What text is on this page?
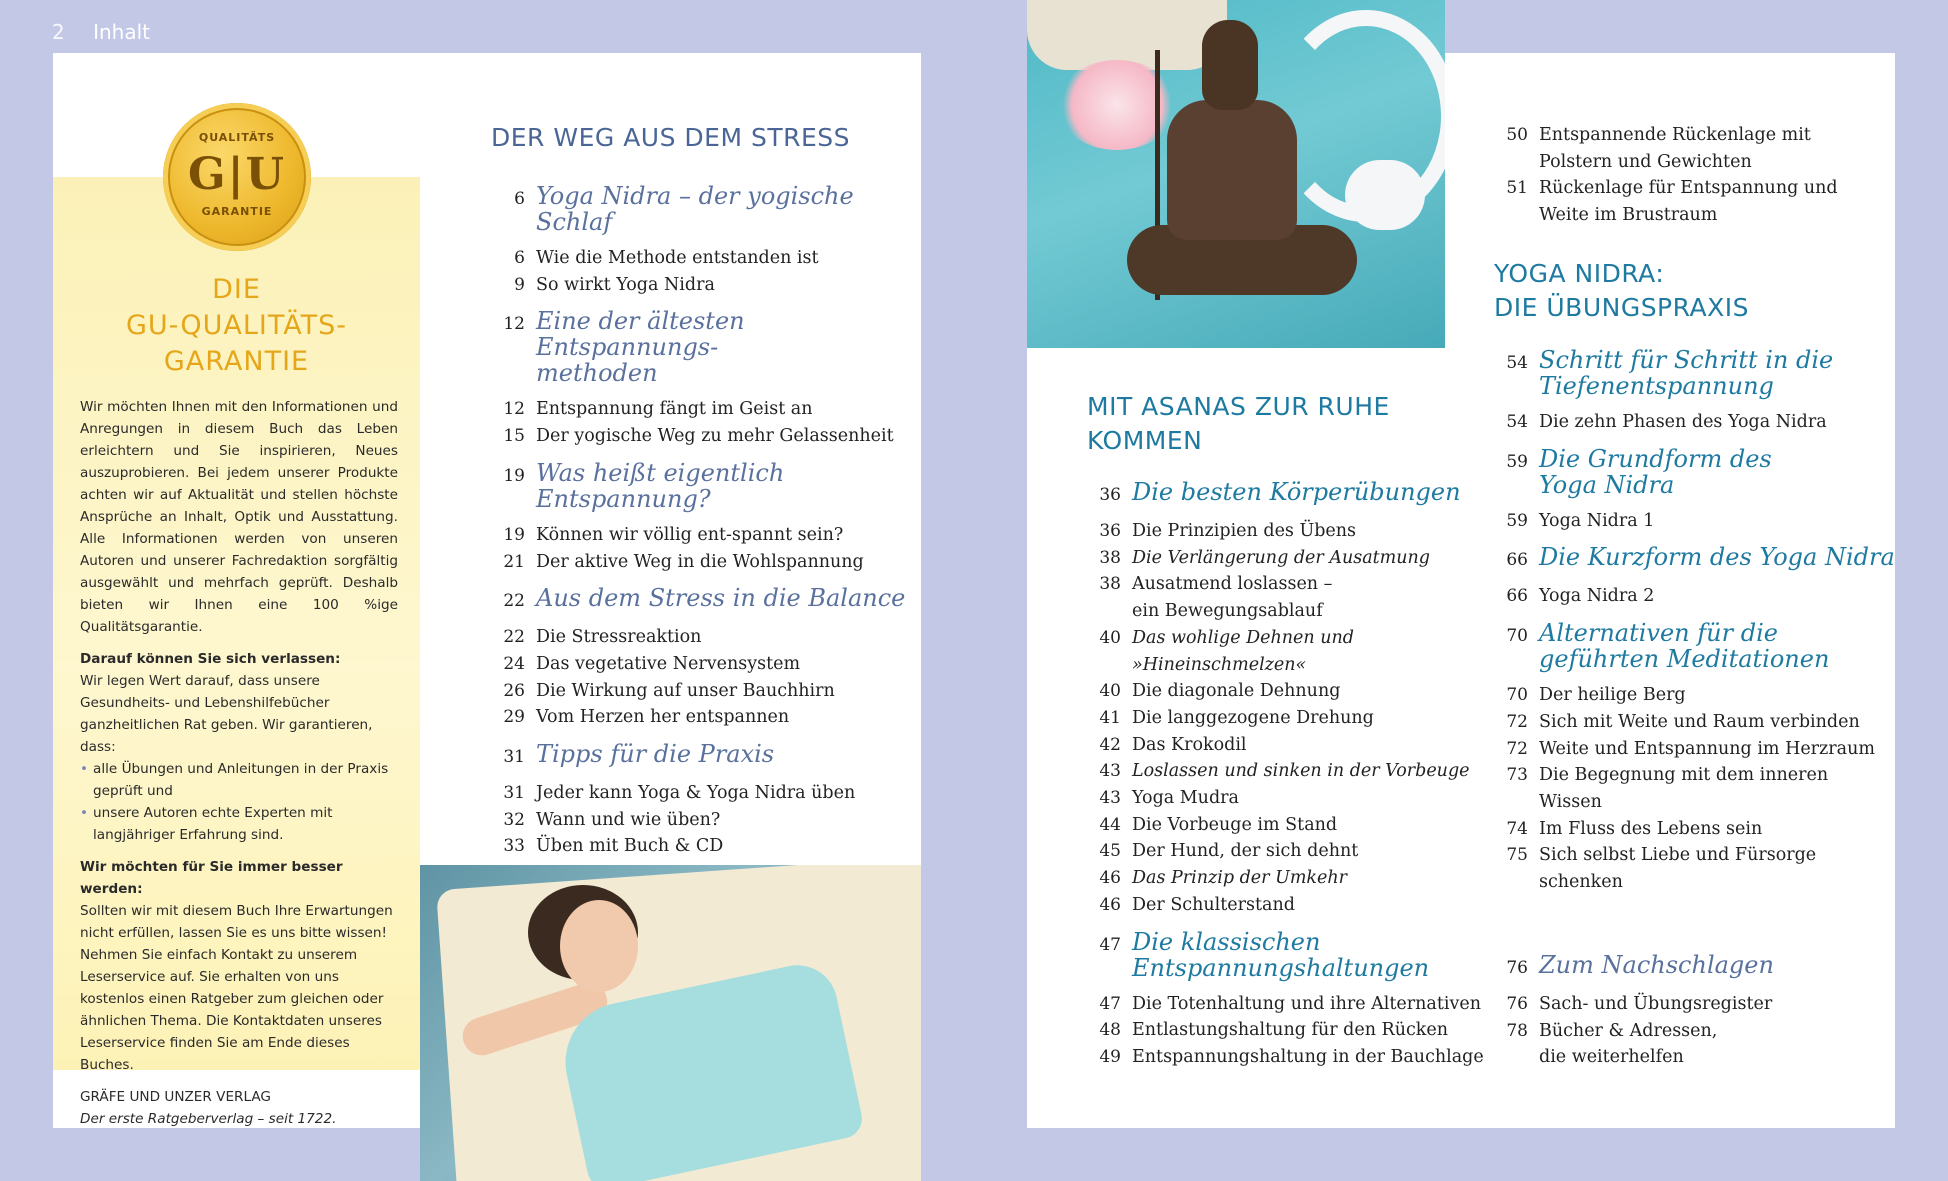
2 Inhalt
QUALITÄTS
G|U
GARANTIE
DIE
GU-QUALITÄTS-
GARANTIE

Wir möchten Ihnen mit den Informationen und Anregungen in diesem Buch das Leben erleichtern und Sie inspirieren, Neues auszuprobieren. Bei jedem unserer Produkte achten wir auf Aktualität und stellen höchste Ansprüche an Inhalt, Optik und Ausstattung. Alle Informationen werden von unseren Autoren und unserer Fachredaktion sorgfältig ausgewählt und mehrfach geprüft. Deshalb bieten wir Ihnen eine 100 %ige Qualitätsgarantie.

Darauf können Sie sich verlassen:
Wir legen Wert darauf, dass unsere Gesundheits- und Lebenshilfebücher ganzheitlichen Rat geben. Wir garantieren, dass:
• alle Übungen und Anleitungen in der Praxis geprüft und
• unsere Autoren echte Experten mit langjähriger Erfahrung sind.
Wir möchten für Sie immer besser werden:

Sollten wir mit diesem Buch Ihre Erwartungen nicht erfüllen, lassen Sie es uns bitte wissen! Nehmen Sie einfach Kontakt zu unserem Leserservice auf. Sie erhalten von uns kostenlos einen Ratgeber zum gleichen oder ähnlichen Thema. Die Kontaktdaten unseres Leserservice finden Sie am Ende dieses Buches.

GRÄFE UND UNZER VERLAG
Der erste Ratgeberverlag – seit 1722.
DER WEG AUS DEM STRESS
6 Yoga Nidra – der yogische Schlaf
6 Wie die Methode entstanden ist
9 So wirkt Yoga Nidra
12 Eine der ältesten Entspannungs-
methoden
12 Entspannung fängt im Geist an
15 Der yogische Weg zu mehr Gelassenheit
19 Was heißt eigentlich
Entspannung?
19 Können wir völlig ent-spannt sein?
21 Der aktive Weg in die Wohlspannung
22 Aus dem Stress in die Balance
22 Die Stressreaktion
24 Das vegetative Nervensystem
26 Die Wirkung auf unser Bauchhirn
29 Vom Herzen her entspannen
31 Tipps für die Praxis
31 Jeder kann Yoga & Yoga Nidra üben
32 Wann und wie üben?
33 Üben mit Buch & CD
MIT ASANAS ZUR RUHE
KOMMEN
36 Die besten Körperübungen
36 Die Prinzipien des Übens
38 Die Verlängerung der Ausatmung
38 Ausatmend loslassen –
ein Bewegungsablauf
40 Das wohlige Dehnen und
»Hineinschmelzen«
40 Die diagonale Dehnung
41 Die langgezogene Drehung
42 Das Krokodil
43 Loslassen und sinken in der Vorbeuge
43 Yoga Mudra
44 Die Vorbeuge im Stand
45 Der Hund, der sich dehnt
46 Das Prinzip der Umkehr
46 Der Schulterstand
47 Die klassischen
Entspannungshaltungen
47 Die Totenhaltung und ihre Alternativen
48 Entlastungshaltung für den Rücken
49 Entspannungshaltung in der Bauchlage
50 Entspannende Rückenlage mit
Polstern und Gewichten
51 Rückenlage für Entspannung und
Weite im Brustraum
YOGA NIDRA:
DIE ÜBUNGSPRAXIS
54 Schritt für Schritt in die
Tiefenentspannung
54 Die zehn Phasen des Yoga Nidra
59 Die Grundform des
Yoga Nidra
59 Yoga Nidra 1
66 Die Kurzform des Yoga Nidra
66 Yoga Nidra 2
70 Alternativen für die
geführten Meditationen
70 Der heilige Berg
72 Sich mit Weite und Raum verbinden
72 Weite und Entspannung im Herzraum
73 Die Begegnung mit dem inneren
Wissen
74 Im Fluss des Lebens sein
75 Sich selbst Liebe und Fürsorge
schenken
76 Zum Nachschlagen
76 Sach- und Übungsregister
78 Bücher & Adressen,
die weiterhelfen
